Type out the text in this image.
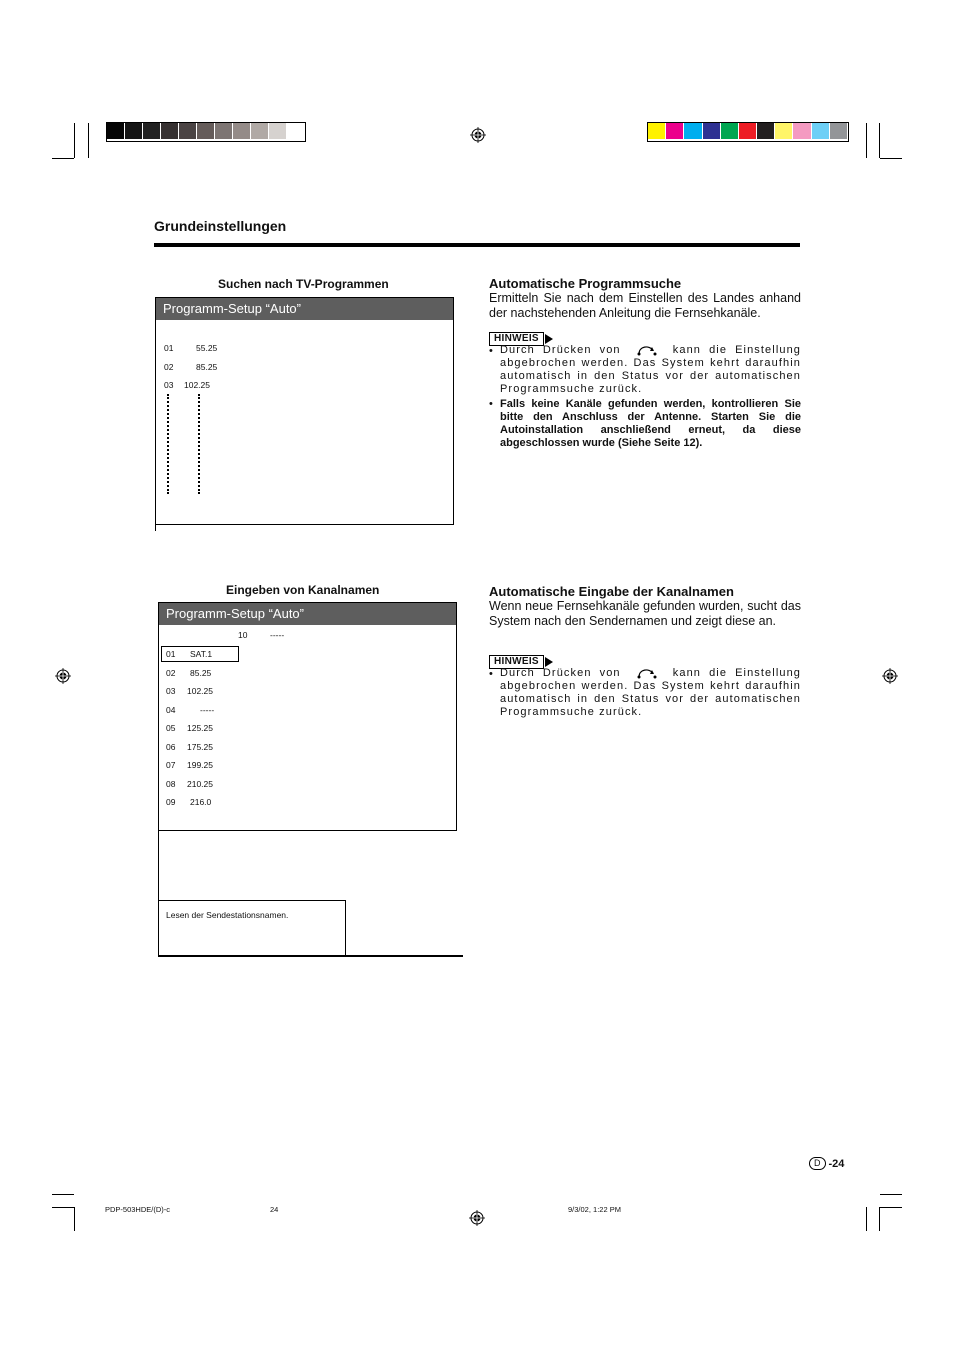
Grundeinstellungen
Suchen nach TV-Programmen
Programm-Setup “Auto”
01	55.25
02	85.25
03	102.25
Automatische Programmsuche
Ermitteln Sie nach dem Einstellen des Landes anhand der nachstehenden Anleitung die Fernsehkanäle.
HINWEIS
• Durch Drücken von	kann die Einstellung abgebrochen werden. Das System kehrt daraufhin automatisch in den Status vor der automatischen Programmsuche zurück.
• Falls keine Kanäle gefunden werden, kontrollieren Sie bitte den Anschluss der Antenne. Starten Sie die Autoinstallation anschließend erneut, da diese abgeschlossen wurde (Siehe Seite 12).
Eingeben von Kanalnamen
Programm-Setup “Auto”
10	-----
01	SAT.1
02	85.25
03	102.25
04	-----
05	125.25
06	175.25
07	199.25
08	210.25
09	216.0
Lesen der Sendestationsnamen.
Automatische Eingabe der Kanalnamen
Wenn neue Fernsehkanäle gefunden wurden, sucht das System nach den Sendernamen und zeigt diese an.
HINWEIS
• Durch Drücken von	kann die Einstellung abgebrochen werden. Das System kehrt daraufhin automatisch in den Status vor der automatischen Programmsuche zurück.
D -24
PDP-503HDE/(D)-c	24	9/3/02, 1:22 PM
